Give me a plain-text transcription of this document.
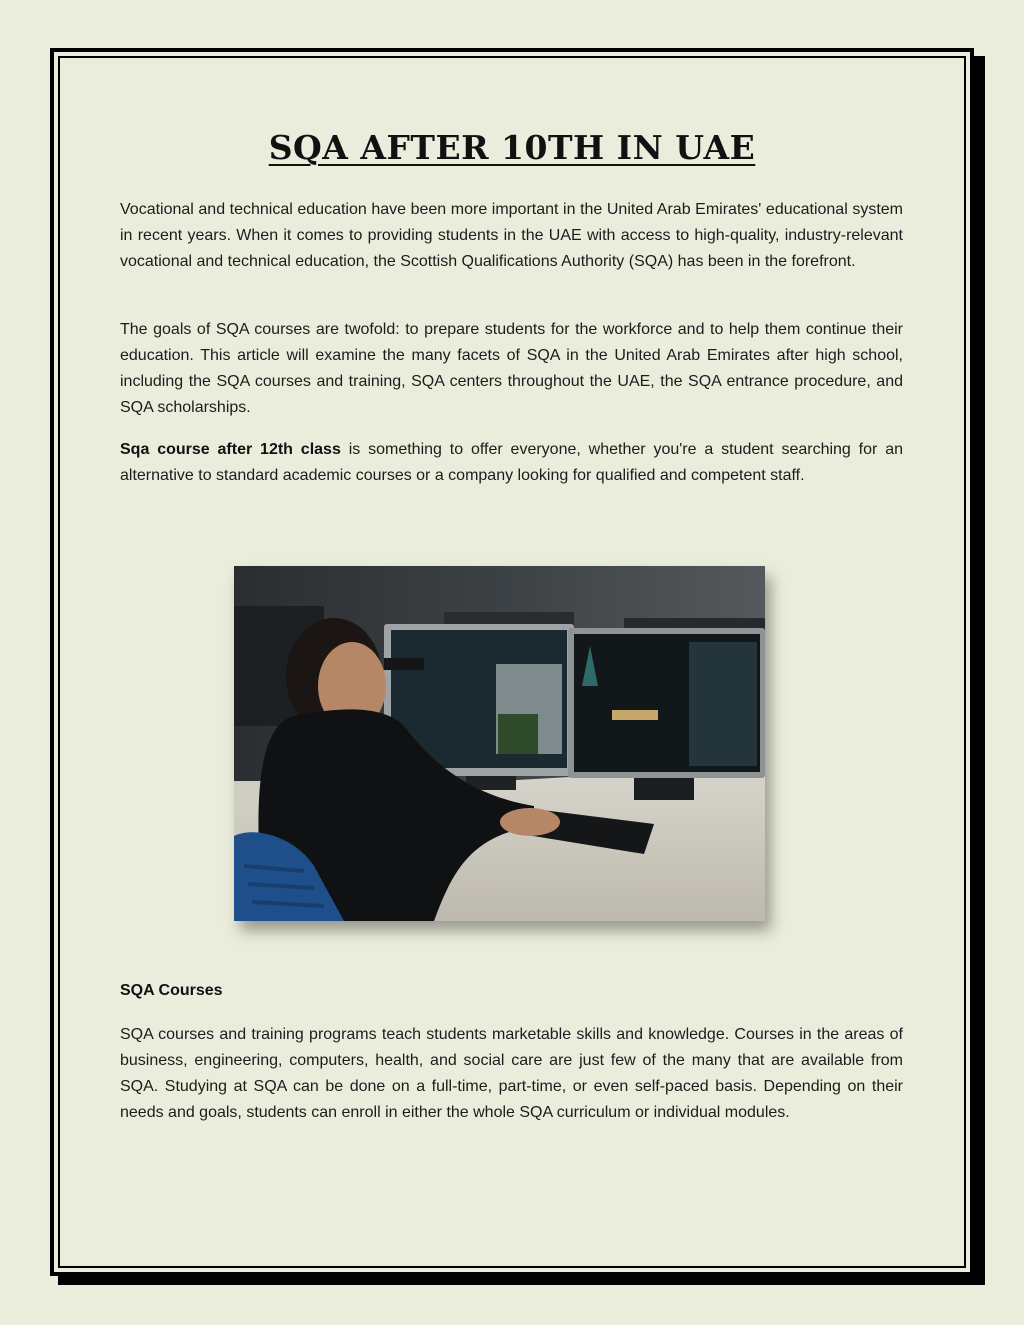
SQA AFTER 10TH IN UAE

Vocational and technical education have been more important in the United Arab Emirates' educational system in recent years. When it comes to providing students in the UAE with access to high-quality, industry-relevant vocational and technical education, the Scottish Qualifications Authority (SQA) has been in the forefront.

The goals of SQA courses are twofold: to prepare students for the workforce and to help them continue their education. This article will examine the many facets of SQA in the United Arab Emirates after high school, including the SQA courses and training, SQA centers throughout the UAE, the SQA entrance procedure, and SQA scholarships.

Sqa course after 12th class is something to offer everyone, whether you're a student searching for an alternative to standard academic courses or a company looking for qualified and competent staff.

SQA Courses

SQA courses and training programs teach students marketable skills and knowledge. Courses in the areas of business, engineering, computers, health, and social care are just few of the many that are available from SQA. Studying at SQA can be done on a full-time, part-time, or even self-paced basis. Depending on their needs and goals, students can enroll in either the whole SQA curriculum or individual modules.
